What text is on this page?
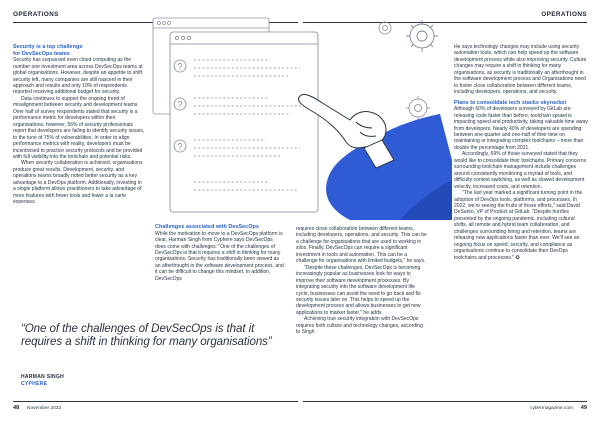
OPERATIONS	OPERATIONS
?
?
?
Security is a top challenge
for DevSecOps teams

Security has surpassed even cloud computing as the number one investment area across DevSecOps teams at global organisations. However, despite an appetite to shift security left, many companies are still nascent in their approach and results and only 10% of respondents reported receiving additional budget for security.

Data continues to support the ongoing trend of misalignment between security and development teams. Over half of survey respondents stated that security is a performance metric for developers within their organisations, however, 56% of security professionals report that developers are failing to identify security issues, to the tune of 75% of vulnerabilities. In order to align performance metrics with reality, developers must be incentivised to practice security protocols and be provided with full visibility into the toolchain and potential risks.

When security collaboration is achieved, organisations produce great results. Development, security, and operations teams broadly noted better security as a key advantage to a DevOps platform. Additionally, investing in a single platform allows practitioners to take advantage of more features with fewer tools and fewer a la carte expenses.

Challenges associated with DevSecOps

While the motivation to move to a DevSecOps platform is clear, Harman Singh from Cyphere says DevSecOps does come with challenges: "One of the challenges of DevSecOps is that it requires a shift in thinking for many organisations. Security has traditionally been viewed as an afterthought in the software development process, and it can be difficult to change this mindset. In addition, DevSecOps

requires close collaboration between different teams, including developers, operations, and security. This can be a challenge for organisations that are used to working in silos. Finally, DevSecOps can require a significant investment in tools and automation. This can be a challenge for organisations with limited budgets," he says.

"Despite these challenges, DevSecOps is becoming increasingly popular as businesses look for ways to improve their software development processes. By integrating security into the software development life cycle, businesses can avoid the need to go back and fix security issues later on. This helps to speed up the development process and allows businesses to get new applications to market faster," he adds.

Achieving true security integration with DevSecOps requires both culture and technology changes, according to Singh

He says technology changes may include using security automation tools, which can help speed up the software development process while also improving security. Culture changes may require a shift in thinking for many organisations, as security is traditionally an afterthought in the software development process and Organisations need to foster close collaboration between different teams, including developers, operations, and security.

Plans to consolidate tech stacks skyrocket

Although 60% of developers surveyed by GitLab are releasing code faster than before, toolchain sprawl is impacting speed and productivity, taking valuable time away from developers. Nearly 40% of developers are spending between one-quarter and one-half of their time on maintaining or integrating complex toolchains – more than double the percentage from 2021.

Accordingly, 69% of those surveyed stated that they would like to consolidate their toolchains. Primary concerns surrounding toolchain management include challenges around consistently monitoring a myriad of tools, and difficulty context switching, as well as slowed development velocity, increased costs, and retention.

"The last year marked a significant turning point in the adoption of DevOps tools, platforms, and processes. In 2022, we're seeing the fruits of those efforts," said David DeSanto, VP of Product at GitLab. "Despite hurdles presented by the ongoing pandemic, including cultural shifts, all remote and hybrid team collaboration, and challenges surrounding hiring and retention, teams are releasing new applications faster than ever. We'll see an ongoing focus on speed, security, and compliance as organisations continue to consolidate their DevOps toolchains and processes." ✪

“One of the challenges of DevSecOps is that it requires a shift in thinking for many organisations”
HARMAN SINGH
CYPHERE
48 November 2022	cybermagazine.com 49
